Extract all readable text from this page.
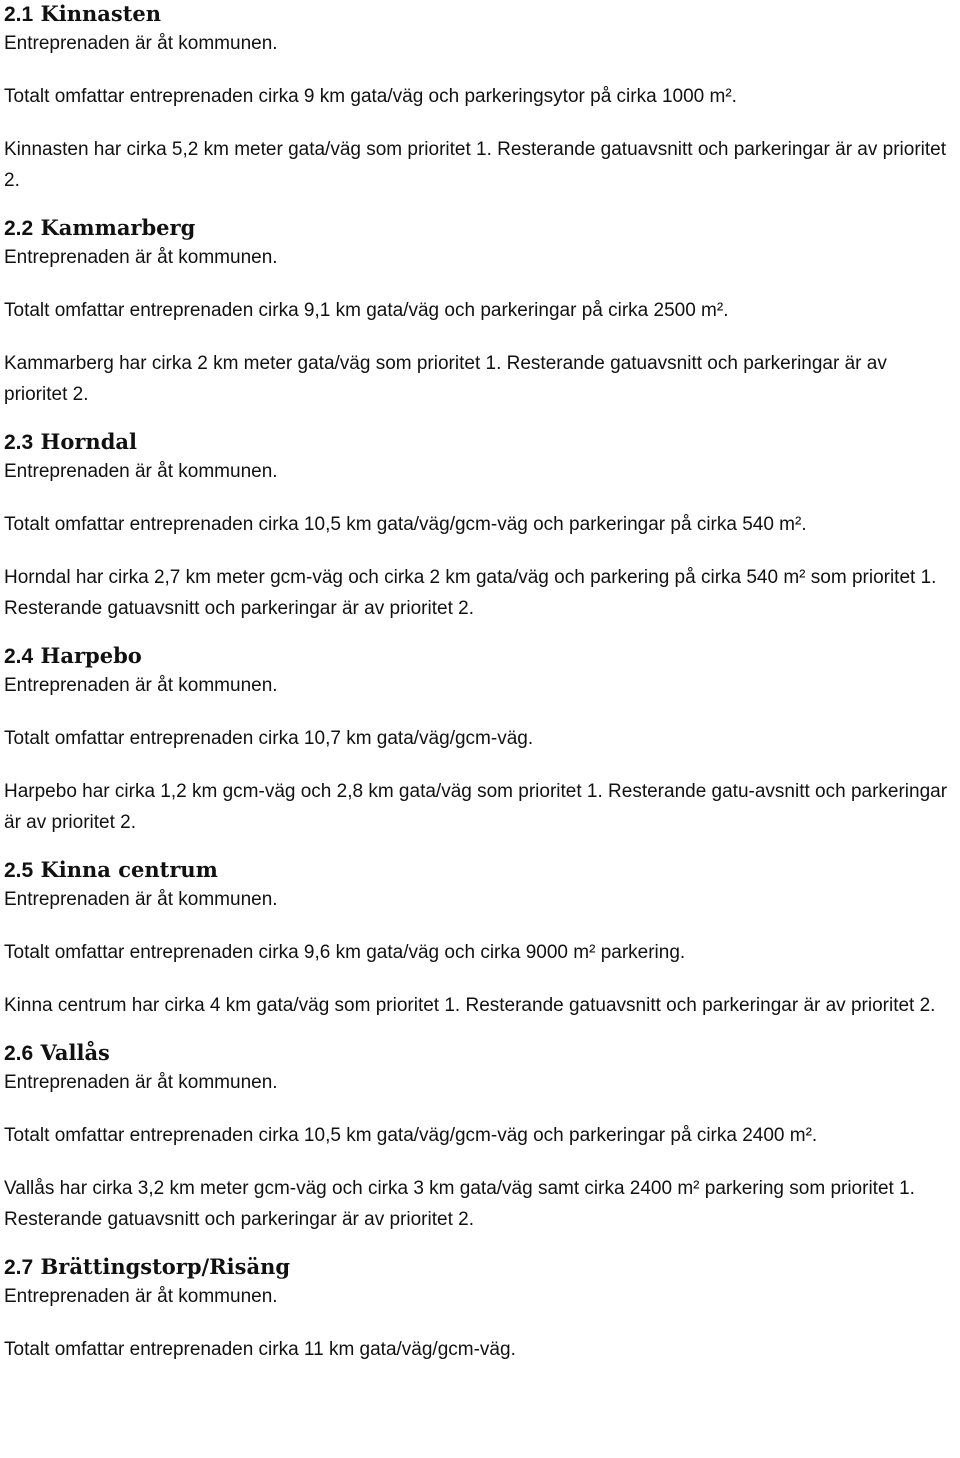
2.1 Kinnasten

Entreprenaden är åt kommunen.

Totalt omfattar entreprenaden cirka 9 km gata/väg och parkeringsytor på cirka 1000 m².

Kinnasten har cirka 5,2 km meter gata/väg som prioritet 1. Resterande gatuavsnitt och parkeringar är av prioritet 2.

2.2 Kammarberg

Entreprenaden är åt kommunen.

Totalt omfattar entreprenaden cirka 9,1 km gata/väg och parkeringar på cirka 2500 m².

Kammarberg har cirka 2 km meter gata/väg som prioritet 1. Resterande gatuavsnitt och parkeringar är av prioritet 2.

2.3 Horndal

Entreprenaden är åt kommunen.

Totalt omfattar entreprenaden cirka 10,5 km gata/väg/gcm-väg och parkeringar på cirka 540 m².

Horndal har cirka 2,7 km meter gcm-väg och cirka 2 km gata/väg och parkering på cirka 540 m² som prioritet 1. Resterande gatuavsnitt och parkeringar är av prioritet 2.

2.4 Harpebo

Entreprenaden är åt kommunen.

Totalt omfattar entreprenaden cirka 10,7 km gata/väg/gcm-väg.

Harpebo har cirka 1,2 km gcm-väg och 2,8 km gata/väg som prioritet 1. Resterande gatu-avsnitt och parkeringar är av prioritet 2.

2.5 Kinna centrum

Entreprenaden är åt kommunen.

Totalt omfattar entreprenaden cirka 9,6 km gata/väg och cirka 9000 m² parkering.

Kinna centrum har cirka 4 km gata/väg som prioritet 1. Resterande gatuavsnitt och parkeringar är av prioritet 2.

2.6 Vallås

Entreprenaden är åt kommunen.

Totalt omfattar entreprenaden cirka 10,5 km gata/väg/gcm-väg och parkeringar på cirka 2400 m².

Vallås har cirka 3,2 km meter gcm-väg och cirka 3 km gata/väg samt cirka 2400 m² parkering som prioritet 1. Resterande gatuavsnitt och parkeringar är av prioritet 2.

2.7 Brättingstorp/Risäng

Entreprenaden är åt kommunen.

Totalt omfattar entreprenaden cirka 11 km gata/väg/gcm-väg.
